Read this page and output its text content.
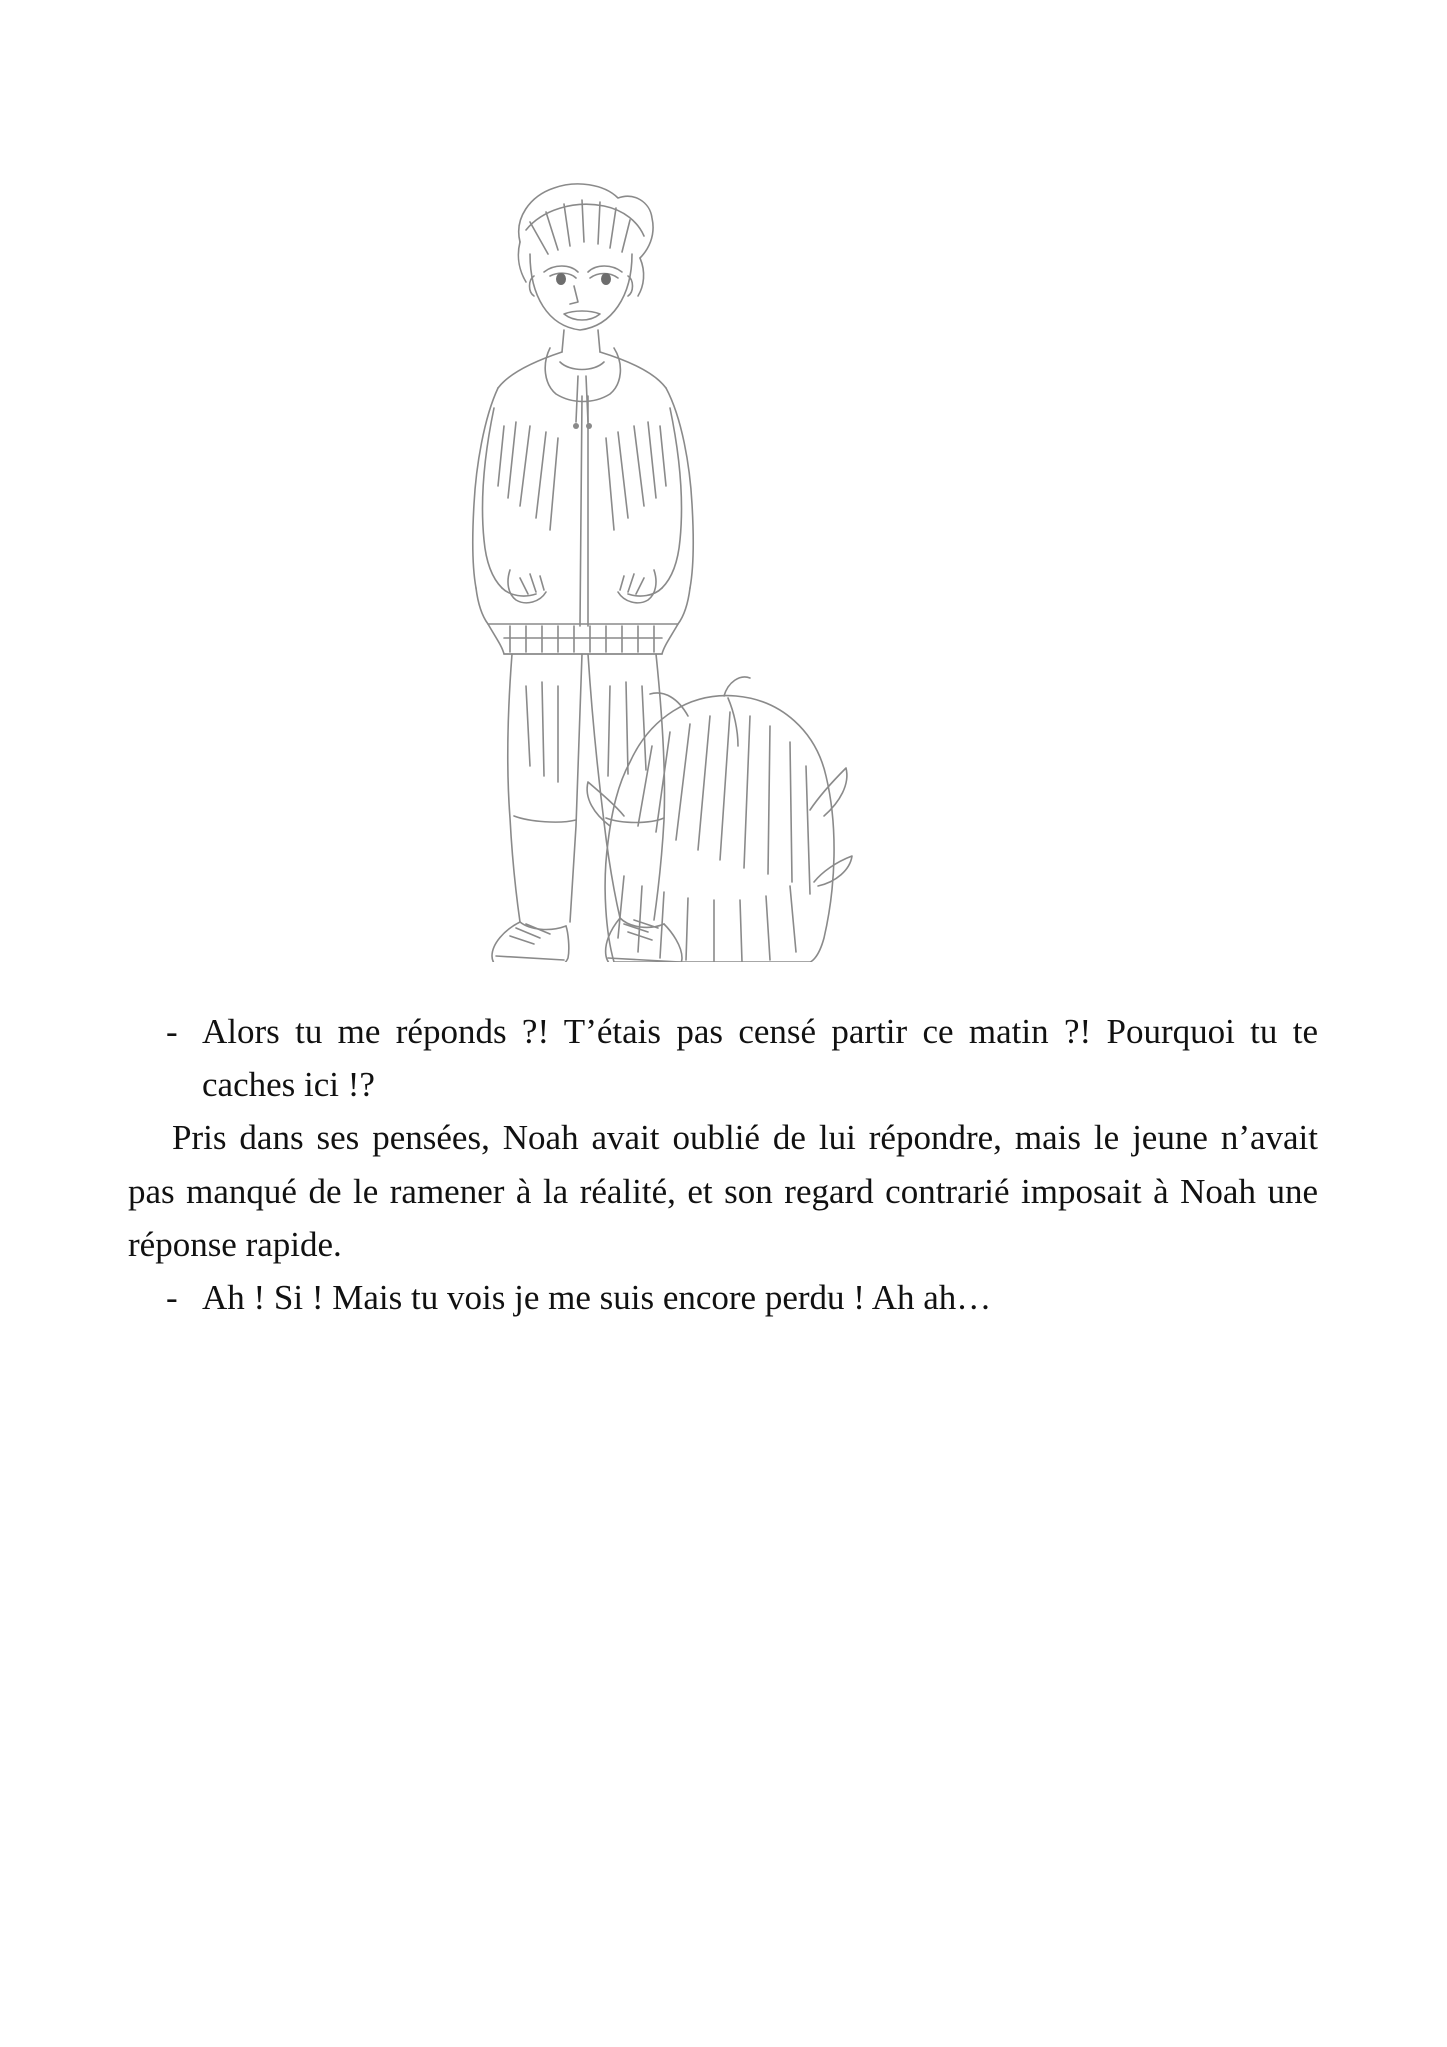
- Alors tu me réponds ?! T’étais pas censé partir ce matin ?! Pourquoi tu te caches ici !?

Pris dans ses pensées, Noah avait oublié de lui répondre, mais le jeune n’avait pas manqué de le ramener à la réalité, et son regard contrarié imposait à Noah une réponse rapide.

- Ah ! Si ! Mais tu vois je me suis encore perdu ! Ah ah…
